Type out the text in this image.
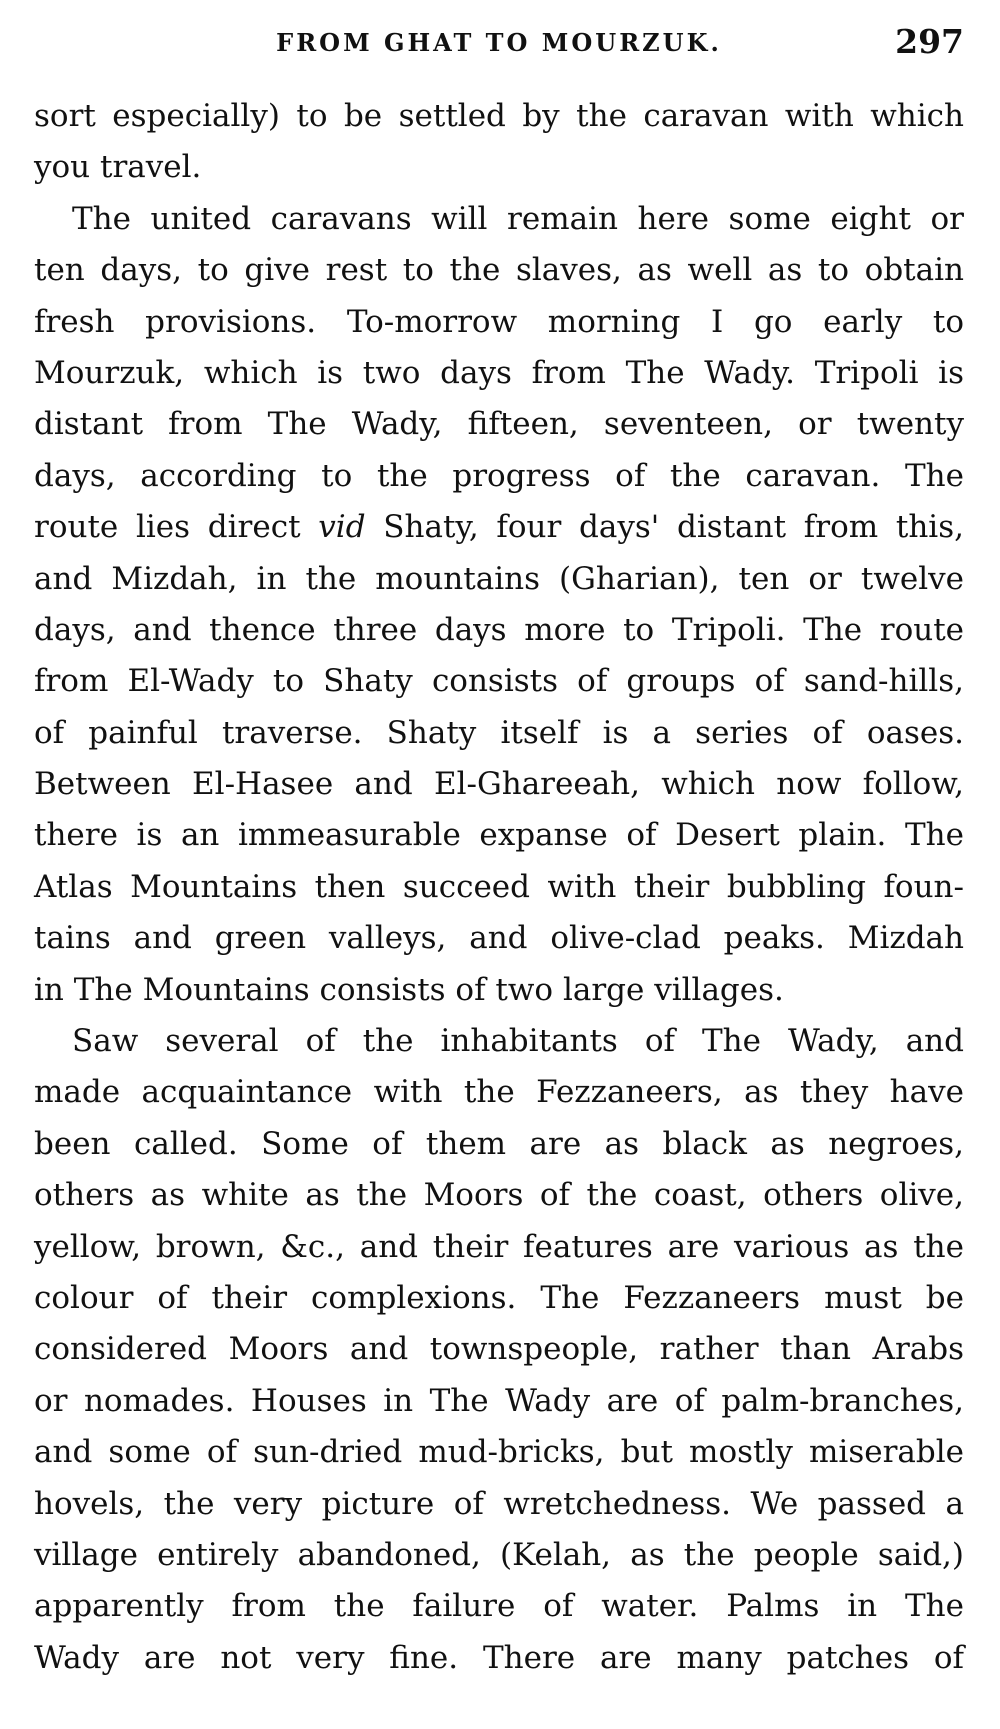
FROM GHAT TO MOURZUK.	297
sort especially) to be settled by the caravan with which
you travel.
The united caravans will remain here some eight or
ten days, to give rest to the slaves, as well as to obtain
fresh provisions. To-morrow morning I go early to
Mourzuk, which is two days from The Wady. Tripoli is
distant from The Wady, fifteen, seventeen, or twenty
days, according to the progress of the caravan. The
route lies direct vid Shaty, four days' distant from this,
and Mizdah, in the mountains (Gharian), ten or twelve
days, and thence three days more to Tripoli. The route
from El-Wady to Shaty consists of groups of sand-hills,
of painful traverse. Shaty itself is a series of oases.
Between El-Hasee and El-Ghareeah, which now follow,
there is an immeasurable expanse of Desert plain. The
Atlas Mountains then succeed with their bubbling foun-
tains and green valleys, and olive-clad peaks. Mizdah
in The Mountains consists of two large villages.
Saw several of the inhabitants of The Wady, and
made acquaintance with the Fezzaneers, as they have
been called. Some of them are as black as negroes,
others as white as the Moors of the coast, others olive,
yellow, brown, &c., and their features are various as the
colour of their complexions. The Fezzaneers must be
considered Moors and townspeople, rather than Arabs
or nomades. Houses in The Wady are of palm-branches,
and some of sun-dried mud-bricks, but mostly miserable
hovels, the very picture of wretchedness. We passed a
village entirely abandoned, (Kelah, as the people said,)
apparently from the failure of water. Palms in The
Wady are not very fine. There are many patches of
